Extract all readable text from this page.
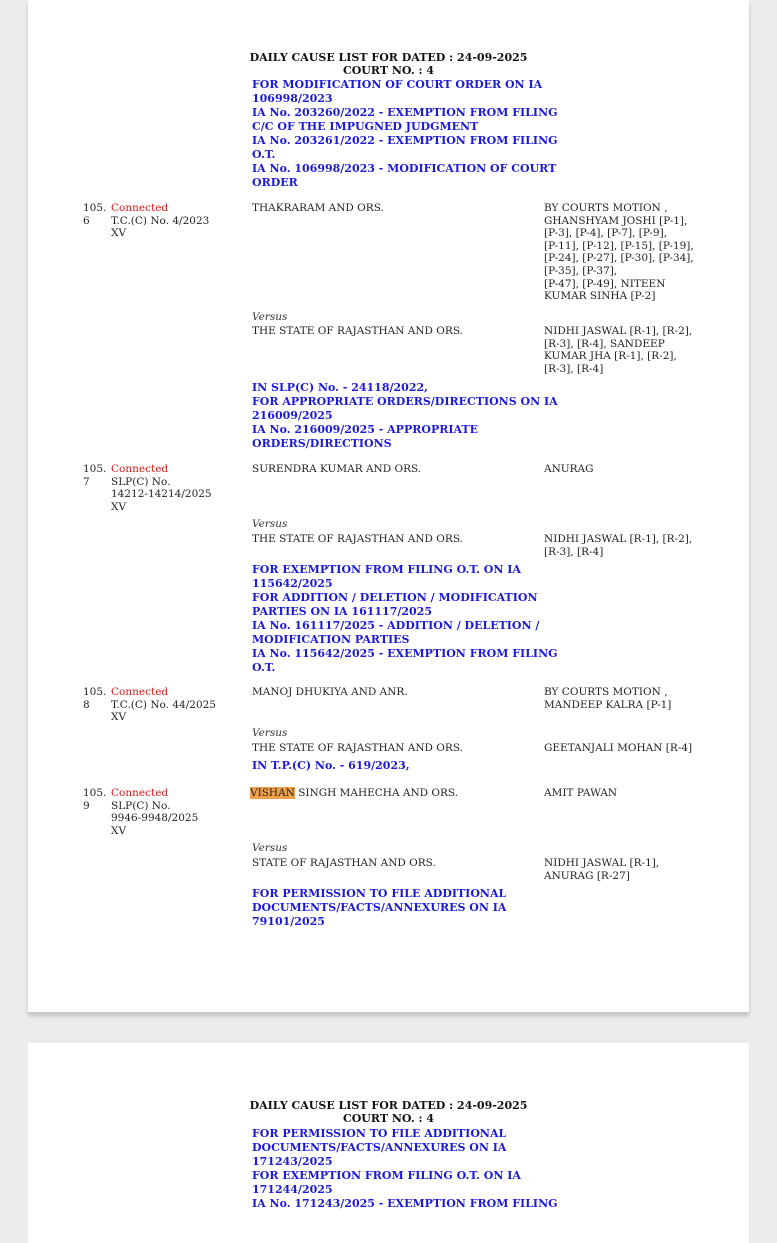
DAILY CAUSE LIST FOR DATED : 24-09-2025
COURT NO. : 4
FOR MODIFICATION OF COURT ORDER ON IA
106998/2023
IA No. 203260/2022 - EXEMPTION FROM FILING
C/C OF THE IMPUGNED JUDGMENT
IA No. 203261/2022 - EXEMPTION FROM FILING
O.T.
IA No. 106998/2023 - MODIFICATION OF COURT
ORDER
105.
6
Connected
T.C.(C) No. 4/2023
XV
THAKRARAM AND ORS.	BY COURTS MOTION ,
GHANSHYAM JOSHI [P-1],
[P-3], [P-4], [P-7], [P-9],
[P-11], [P-12], [P-15], [P-19],
[P-24], [P-27], [P-30], [P-34],
[P-35], [P-37],
[P-47], [P-49], NITEEN
KUMAR SINHA [P-2]
Versus
THE STATE OF RAJASTHAN AND ORS.	NIDHI JASWAL [R-1], [R-2],
[R-3], [R-4], SANDEEP
KUMAR JHA [R-1], [R-2],
[R-3], [R-4]
IN SLP(C) No. - 24118/2022,
FOR APPROPRIATE ORDERS/DIRECTIONS ON IA
216009/2025
IA No. 216009/2025 - APPROPRIATE
ORDERS/DIRECTIONS
105.
7
Connected
SLP(C) No.
14212-14214/2025
XV
SURENDRA KUMAR AND ORS.	ANURAG
Versus
THE STATE OF RAJASTHAN AND ORS.	NIDHI JASWAL [R-1], [R-2],
[R-3], [R-4]
FOR EXEMPTION FROM FILING O.T. ON IA
115642/2025
FOR ADDITION / DELETION / MODIFICATION
PARTIES ON IA 161117/2025
IA No. 161117/2025 - ADDITION / DELETION /
MODIFICATION PARTIES
IA No. 115642/2025 - EXEMPTION FROM FILING
O.T.
105.
8
Connected
T.C.(C) No. 44/2025
XV
MANOJ DHUKIYA AND ANR.	BY COURTS MOTION ,
MANDEEP KALRA [P-1]
Versus
THE STATE OF RAJASTHAN AND ORS.	GEETANJALI MOHAN [R-4]
IN T.P.(C) No. - 619/2023,
105.
9
Connected
SLP(C) No.
9946-9948/2025
XV
VISHAN SINGH MAHECHA AND ORS.	AMIT PAWAN
Versus
STATE OF RAJASTHAN AND ORS.	NIDHI JASWAL [R-1],
ANURAG [R-27]
FOR PERMISSION TO FILE ADDITIONAL
DOCUMENTS/FACTS/ANNEXURES ON IA
79101/2025
DAILY CAUSE LIST FOR DATED : 24-09-2025
COURT NO. : 4
FOR PERMISSION TO FILE ADDITIONAL
DOCUMENTS/FACTS/ANNEXURES ON IA
171243/2025
FOR EXEMPTION FROM FILING O.T. ON IA
171244/2025
IA No. 171243/2025 - EXEMPTION FROM FILING
